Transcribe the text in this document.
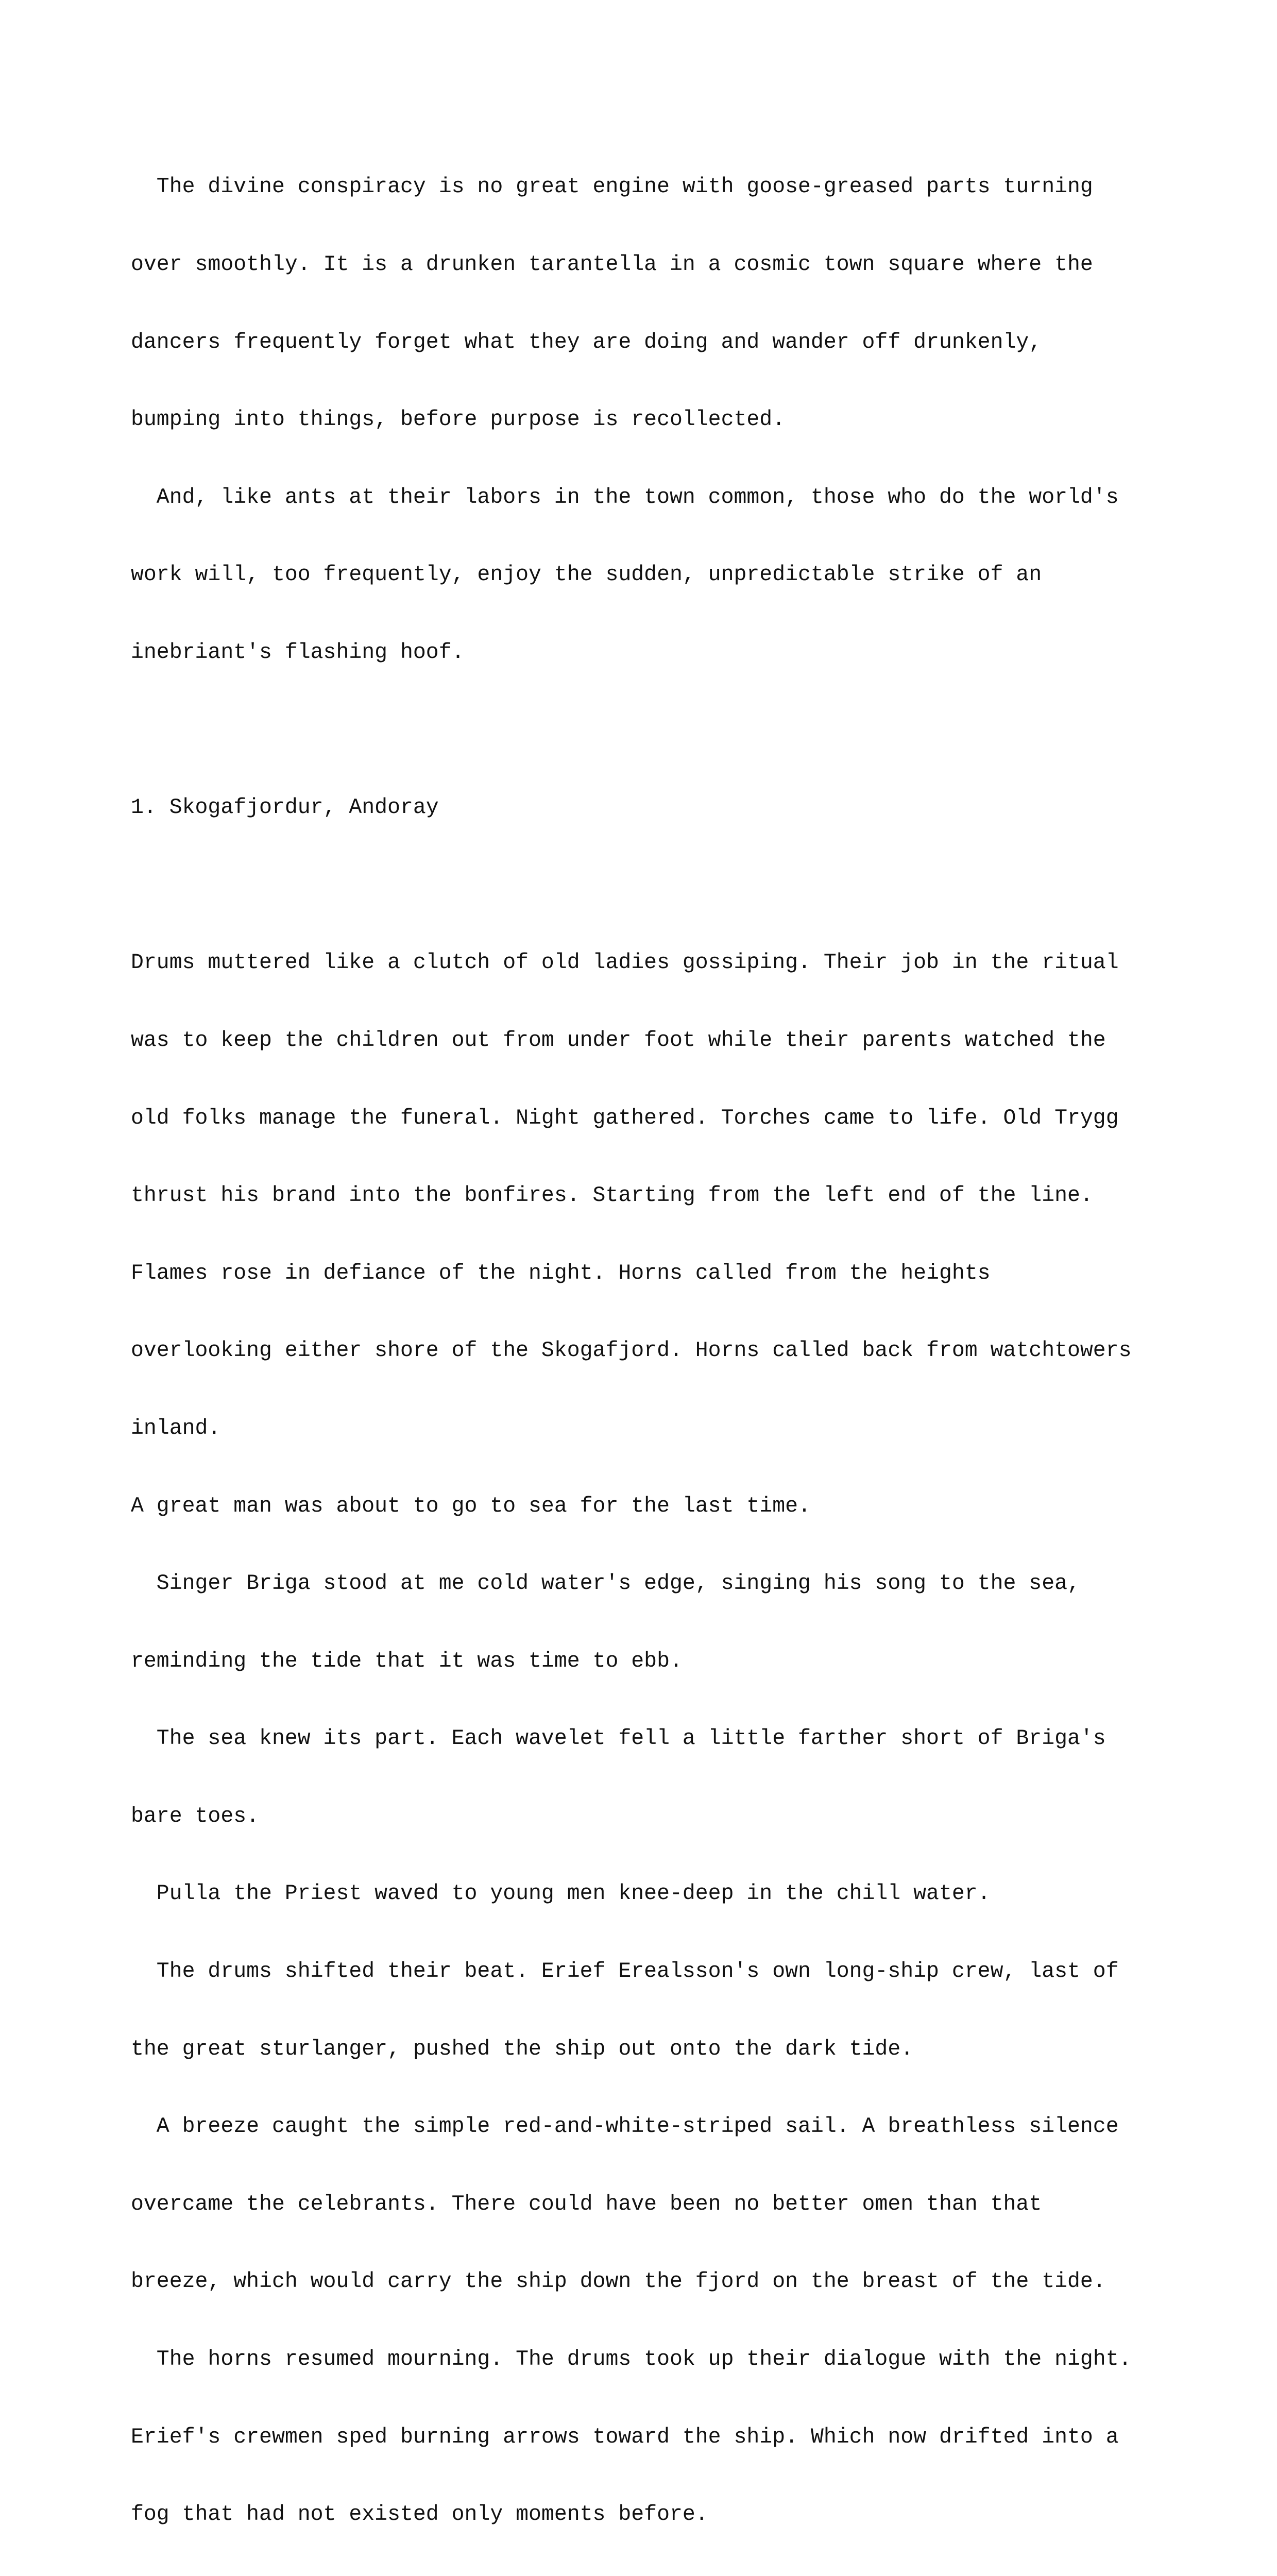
The divine conspiracy is no great engine with goose-greased parts turning

over smoothly. It is a drunken tarantella in a cosmic town square where the

dancers frequently forget what they are doing and wander off drunkenly,

bumping into things, before purpose is recollected.

And, like ants at their labors in the town common, those who do the world's

work will, too frequently, enjoy the sudden, unpredictable strike of an

inebriant's flashing hoof.

1. Skogafjordur, Andoray

Drums muttered like a clutch of old ladies gossiping. Their job in the ritual

was to keep the children out from under foot while their parents watched the

old folks manage the funeral. Night gathered. Torches came to life. Old Trygg

thrust his brand into the bonfires. Starting from the left end of the line.

Flames rose in defiance of the night. Horns called from the heights

overlooking either shore of the Skogafjord. Horns called back from watchtowers

inland.

A great man was about to go to sea for the last time.

Singer Briga stood at me cold water's edge, singing his song to the sea,

reminding the tide that it was time to ebb.

The sea knew its part. Each wavelet fell a little farther short of Briga's

bare toes.

Pulla the Priest waved to young men knee-deep in the chill water.

The drums shifted their beat. Erief Erealsson's own long-ship crew, last of

the great sturlanger, pushed the ship out onto the dark tide.

A breeze caught the simple red-and-white-striped sail. A breathless silence

overcame the celebrants. There could have been no better omen than that

breeze, which would carry the ship down the fjord on the breast of the tide.

The horns resumed mourning. The drums took up their dialogue with the night.

Erief's crewmen sped burning arrows toward the ship. Which now drifted into a

fog that had not existed only moments before.
